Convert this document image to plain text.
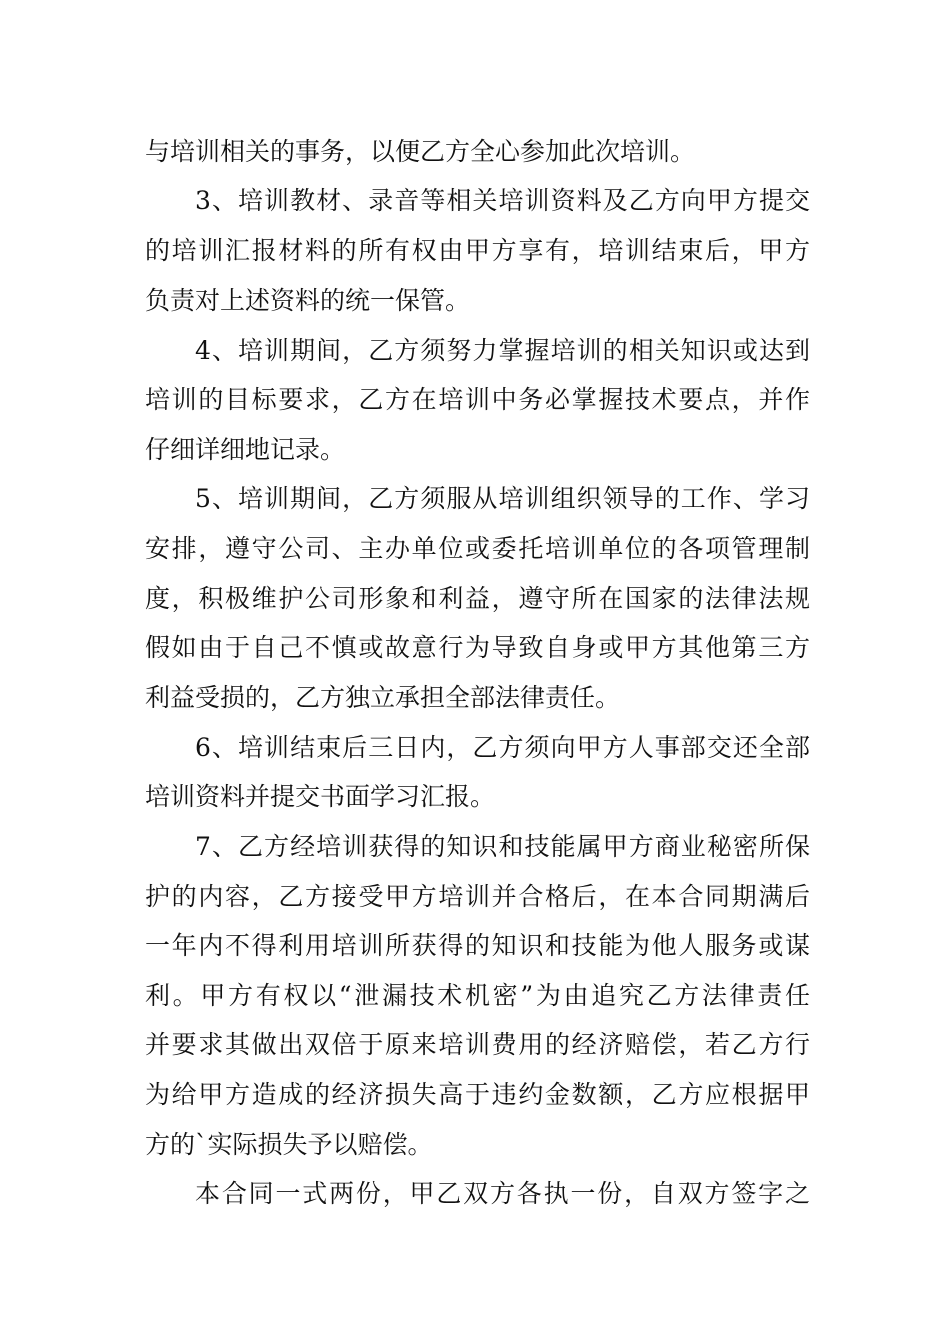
与培训相关的事务，以便乙方全心参加此次培训。
3、培训教材、录音等相关培训资料及乙方向甲方提交
的培训汇报材料的所有权由甲方享有，培训结束后，甲方
负责对上述资料的统一保管。
4、培训期间，乙方须努力掌握培训的相关知识或达到
培训的目标要求，乙方在培训中务必掌握技术要点，并作
仔细详细地记录。
5、培训期间，乙方须服从培训组织领导的工作、学习
安排，遵守公司、主办单位或委托培训单位的各项管理制
度，积极维护公司形象和利益，遵守所在国家的法律法规
假如由于自己不慎或故意行为导致自身或甲方其他第三方
利益受损的，乙方独立承担全部法律责任。
6、培训结束后三日内，乙方须向甲方人事部交还全部
培训资料并提交书面学习汇报。
7、乙方经培训获得的知识和技能属甲方商业秘密所保
护的内容，乙方接受甲方培训并合格后，在本合同期满后
一年内不得利用培训所获得的知识和技能为他人服务或谋
利。甲方有权以“泄漏技术机密”为由追究乙方法律责任
并要求其做出双倍于原来培训费用的经济赔偿，若乙方行
为给甲方造成的经济损失高于违约金数额，乙方应根据甲
方的`实际损失予以赔偿。
本合同一式两份，甲乙双方各执一份，自双方签字之
